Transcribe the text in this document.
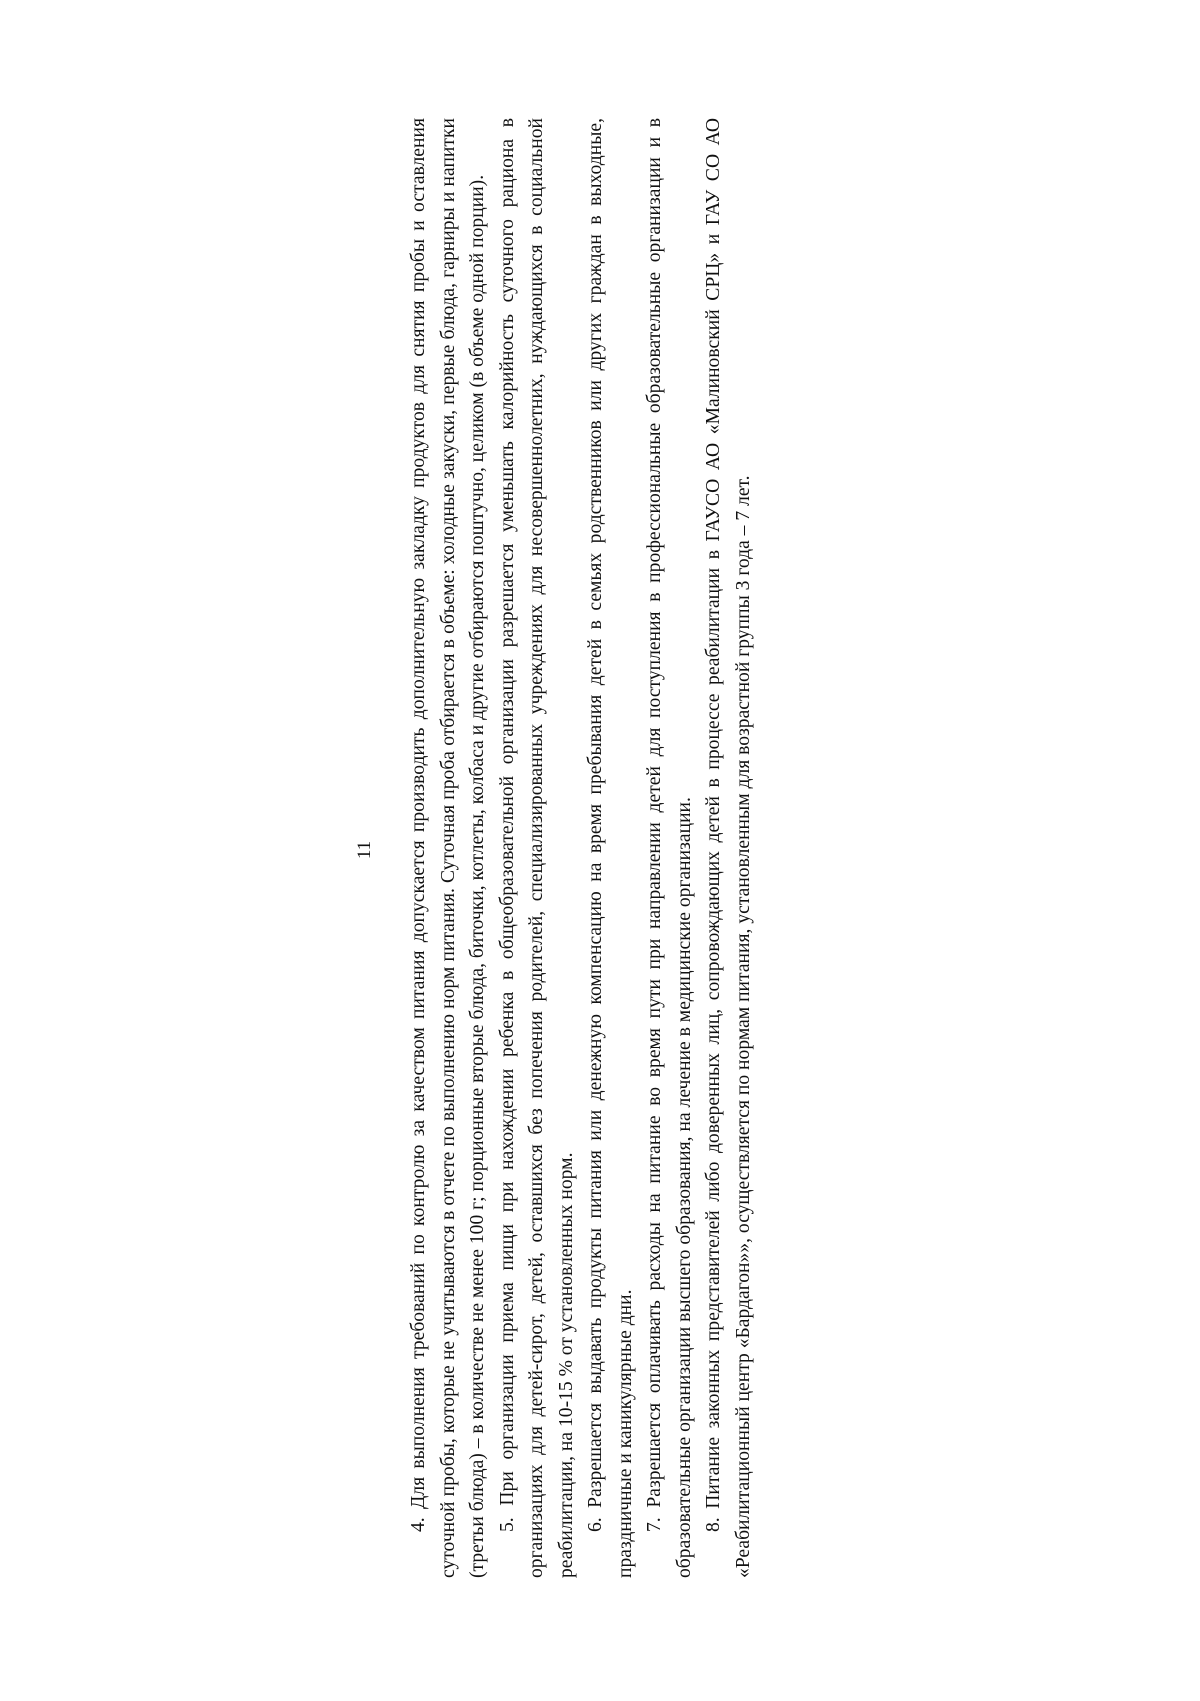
11 4. Для выполнения требований по контролю за качеством питания допускается производить дополнительную закладку продуктов для снятия пробы и оставления суточной пробы, которые не учитываются в отчете по выполнению норм питания. Суточная проба отбирается в объеме: холодные закуски, первые блюда, гарниры и напитки (третьи блюда) – в количестве не менее 100 г; порционные вторые блюда, биточки, котлеты, колбаса и другие отбираются поштучно, целиком (в объеме одной порции). 5. При организации приема пищи при нахождении ребенка в общеобразовательной организации разрешается уменьшать калорийность суточного рациона в организациях для детей-сирот, детей, оставшихся без попечения родителей, специализированных учреждениях для несовершеннолетних, нуждающихся в социальной реабилитации, на 10-15 % от установленных норм. 6. Разрешается выдавать продукты питания или денежную компенсацию на время пребывания детей в семьях родственников или других граждан в выходные, праздничные и каникулярные дни. 7. Разрешается оплачивать расходы на питание во время пути при направлении детей для поступления в профессиональные образовательные организации и в образовательные организации высшего образования, на лечение в медицинские организации. 8. Питание законных представителей либо доверенных лиц, сопровождающих детей в процессе реабилитации в ГАУСО АО «Малиновский СРЦ» и ГАУ СО АО «Реабилитационный центр «Бардагон»», осуществляется по нормам питания, установленным для возрастной группы 3 года – 7 лет.
